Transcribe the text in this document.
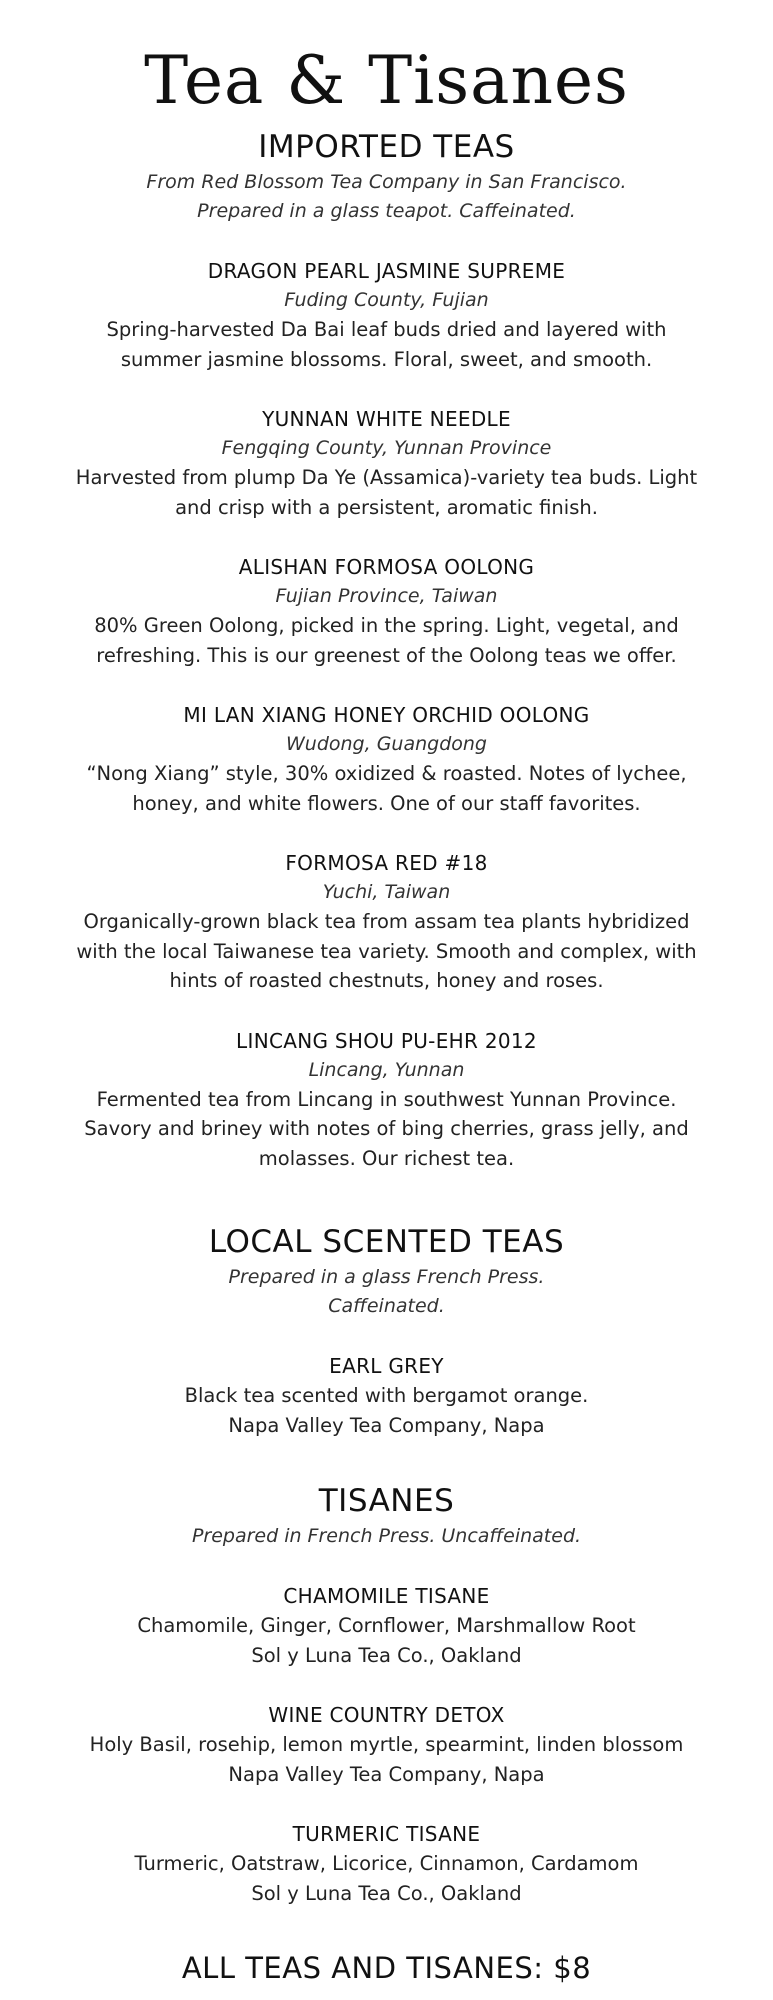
Tea & Tisanes
IMPORTED TEAS

From Red Blossom Tea Company in San Francisco.

Prepared in a glass teapot. Caffeinated.

DRAGON PEARL JASMINE SUPREME

Fuding County, Fujian

Spring-harvested Da Bai leaf buds dried and layered with summer jasmine blossoms. Floral, sweet, and smooth.

YUNNAN WHITE NEEDLE

Fengqing County, Yunnan Province

Harvested from plump Da Ye (Assamica)-variety tea buds. Light and crisp with a persistent, aromatic finish.

ALISHAN FORMOSA OOLONG

Fujian Province, Taiwan

80% Green Oolong, picked in the spring. Light, vegetal, and refreshing. This is our greenest of the Oolong teas we offer.

MI LAN XIANG HONEY ORCHID OOLONG

Wudong, Guangdong

“Nong Xiang” style, 30% oxidized & roasted. Notes of lychee, honey, and white flowers. One of our staff favorites.

FORMOSA RED #18

Yuchi, Taiwan

Organically-grown black tea from assam tea plants hybridized with the local Taiwanese tea variety. Smooth and complex, with hints of roasted chestnuts, honey and roses.

LINCANG SHOU PU-EHR 2012

Lincang, Yunnan

Fermented tea from Lincang in southwest Yunnan Province. Savory and briney with notes of bing cherries, grass jelly, and molasses. Our richest tea.

LOCAL SCENTED TEAS

Prepared in a glass French Press.

Caffeinated.

EARL GREY

Black tea scented with bergamot orange.

Napa Valley Tea Company, Napa

TISANES

Prepared in French Press. Uncaffeinated.

CHAMOMILE TISANE

Chamomile, Ginger, Cornflower, Marshmallow Root

Sol y Luna Tea Co., Oakland

WINE COUNTRY DETOX

Holy Basil, rosehip, lemon myrtle, spearmint, linden blossom

Napa Valley Tea Company, Napa

TURMERIC TISANE

Turmeric, Oatstraw, Licorice, Cinnamon, Cardamom

Sol y Luna Tea Co., Oakland

ALL TEAS AND TISANES: $8
